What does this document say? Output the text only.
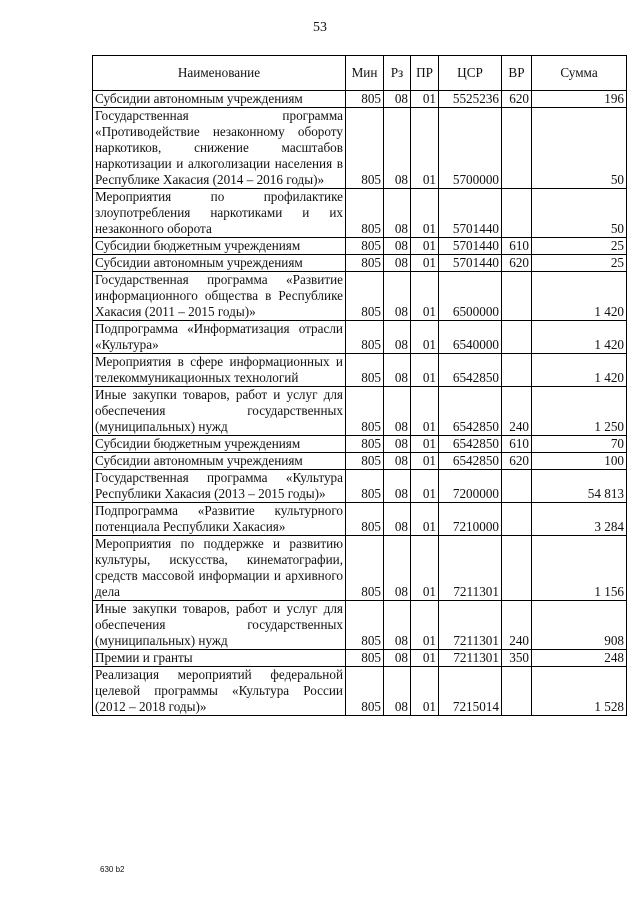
53
Наименование	Мин	Рз	ПР	ЦСР	ВР	Сумма
Субсидии автономным учреждениям	805	08	01	5525236	620	196
Государственная программа «Противодействие незаконному обороту наркотиков, снижение масштабов наркотизации и алкоголизации населения в Республике Хакасия (2014 – 2016 годы)»	805	08	01	5700000		50
Мероприятия по профилактике злоупотребления наркотиками и их незаконного оборота	805	08	01	5701440		50
Субсидии бюджетным учреждениям	805	08	01	5701440	610	25
Субсидии автономным учреждениям	805	08	01	5701440	620	25
Государственная программа «Развитие информационного общества в Республике Хакасия (2011 – 2015 годы)»	805	08	01	6500000		1 420
Подпрограмма «Информатизация отрасли «Культура»	805	08	01	6540000		1 420
Мероприятия в сфере информационных и телекоммуникационных технологий	805	08	01	6542850		1 420
Иные закупки товаров, работ и услуг для обеспечения государственных (муниципальных) нужд	805	08	01	6542850	240	1 250
Субсидии бюджетным учреждениям	805	08	01	6542850	610	70
Субсидии автономным учреждениям	805	08	01	6542850	620	100
Государственная программа «Культура Республики Хакасия (2013 – 2015 годы)»	805	08	01	7200000		54 813
Подпрограмма «Развитие культурного потенциала Республики Хакасия»	805	08	01	7210000		3 284
Мероприятия по поддержке и развитию культуры, искусства, кинематографии, средств массовой информации и архивного дела	805	08	01	7211301		1 156
Иные закупки товаров, работ и услуг для обеспечения государственных (муниципальных) нужд	805	08	01	7211301	240	908
Премии и гранты	805	08	01	7211301	350	248
Реализация мероприятий федеральной целевой программы «Культура России (2012 – 2018 годы)»	805	08	01	7215014		1 528
630 b2
